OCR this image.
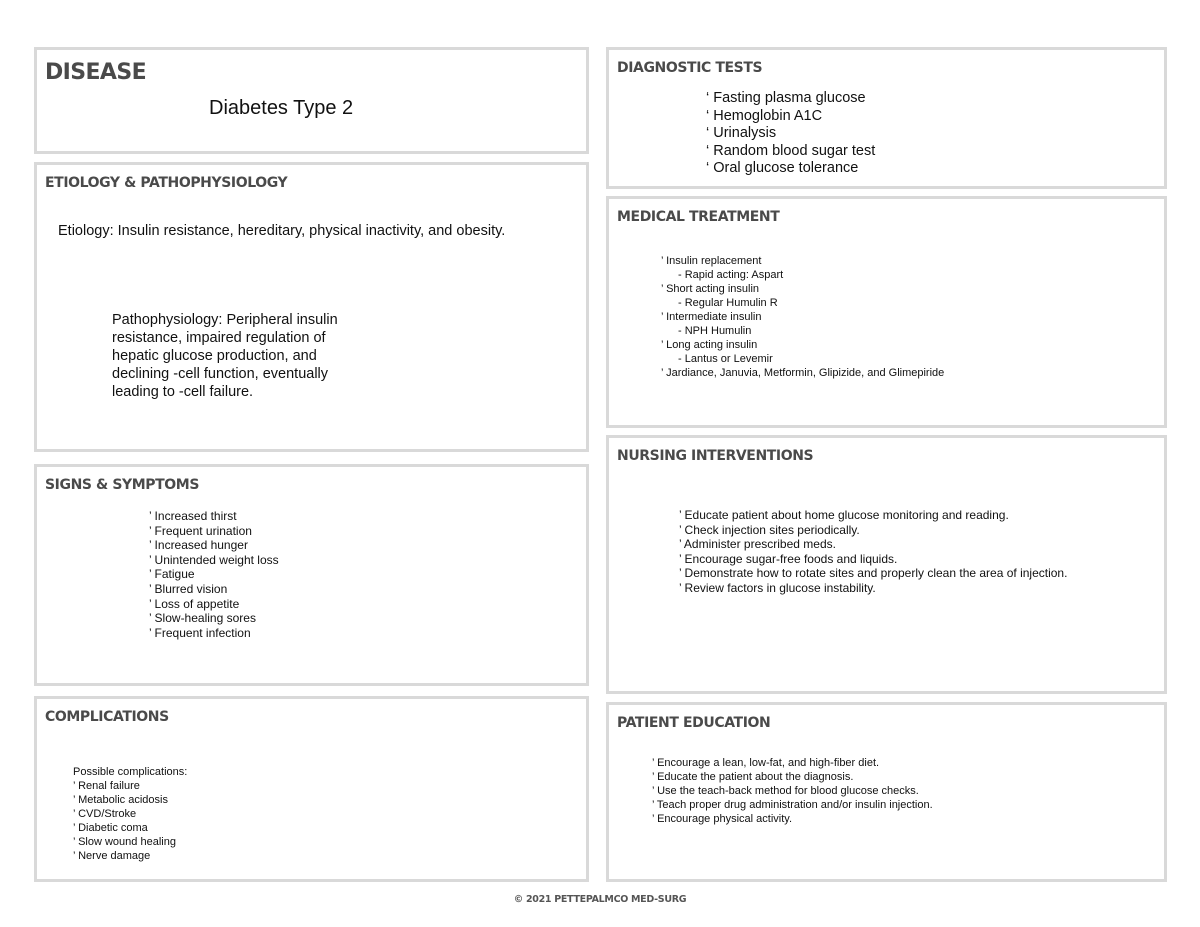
DISEASE
Diabetes Type 2
ETIOLOGY & PATHOPHYSIOLOGY
Etiology: Insulin resistance, hereditary, physical inactivity, and obesity.
Pathophysiology: Peripheral insulin
resistance, impaired regulation of
hepatic glucose production, and
declining -cell function, eventually
leading to -cell failure.
SIGNS & SYMPTOMS
’ Increased thirst
’ Frequent urination
’ Increased hunger
’ Unintended weight loss
’ Fatigue
’ Blurred vision
’ Loss of appetite
’ Slow-healing sores
’ Frequent infection
COMPLICATIONS
Possible complications:
’ Renal failure
’ Metabolic acidosis
’ CVD/Stroke
’ Diabetic coma
’ Slow wound healing
’ Nerve damage
DIAGNOSTIC TESTS
‘ Fasting plasma glucose
‘ Hemoglobin A1C
‘ Urinalysis
‘ Random blood sugar test
‘ Oral glucose tolerance
MEDICAL TREATMENT
’ Insulin replacement
- Rapid acting: Aspart
’ Short acting insulin
- Regular Humulin R
’ Intermediate insulin
- NPH Humulin
’ Long acting insulin
- Lantus or Levemir
’ Jardiance, Januvia, Metformin, Glipizide, and Glimepiride
NURSING INTERVENTIONS
’ Educate patient about home glucose monitoring and reading.
’ Check injection sites periodically.
’ Administer prescribed meds.
’ Encourage sugar-free foods and liquids.
’ Demonstrate how to rotate sites and properly clean the area of injection.
’ Review factors in glucose instability.
PATIENT EDUCATION
’ Encourage a lean, low-fat, and high-fiber diet.
’ Educate the patient about the diagnosis.
’ Use the teach-back method for blood glucose checks.
’ Teach proper drug administration and/or insulin injection.
’ Encourage physical activity.
© 2021 PETTEPALMCO MED-SURG
